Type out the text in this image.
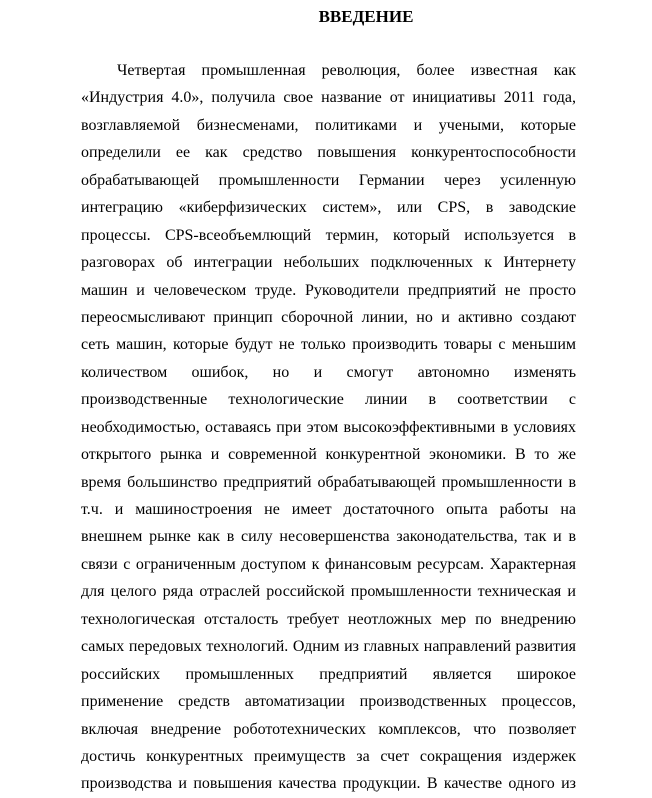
ВВЕДЕНИЕ
Четвертая промышленная революция, более известная как
«Индустрия 4.0», получила свое название от инициативы 2011 года,
возглавляемой бизнесменами, политиками и учеными, которые
определили ее как средство повышения конкурентоспособности
обрабатывающей промышленности Германии через усиленную
интеграцию «киберфизических систем», или CPS, в заводские
процессы. CPS-всеобъемлющий термин, который используется в
разговорах об интеграции небольших подключенных к Интернету
машин и человеческом труде. Руководители предприятий не просто
переосмысливают принцип сборочной линии, но и активно создают
сеть машин, которые будут не только производить товары с меньшим
количеством ошибок, но и смогут автономно изменять
производственные технологические линии в соответствии с
необходимостью, оставаясь при этом высокоэффективными в условиях
открытого рынка и современной конкурентной экономики. В то же
время большинство предприятий обрабатывающей промышленности в
т.ч. и машиностроения не имеет достаточного опыта работы на
внешнем рынке как в силу несовершенства законодательства, так и в
связи с ограниченным доступом к финансовым ресурсам. Характерная
для целого ряда отраслей российской промышленности техническая и
технологическая отсталость требует неотложных мер по внедрению
самых передовых технологий. Одним из главных направлений развития
российских промышленных предприятий является широкое
применение средств автоматизации производственных процессов,
включая внедрение робототехнических комплексов, что позволяет
достичь конкурентных преимуществ за счет сокращения издержек
производства и повышения качества продукции. В качестве одного из
